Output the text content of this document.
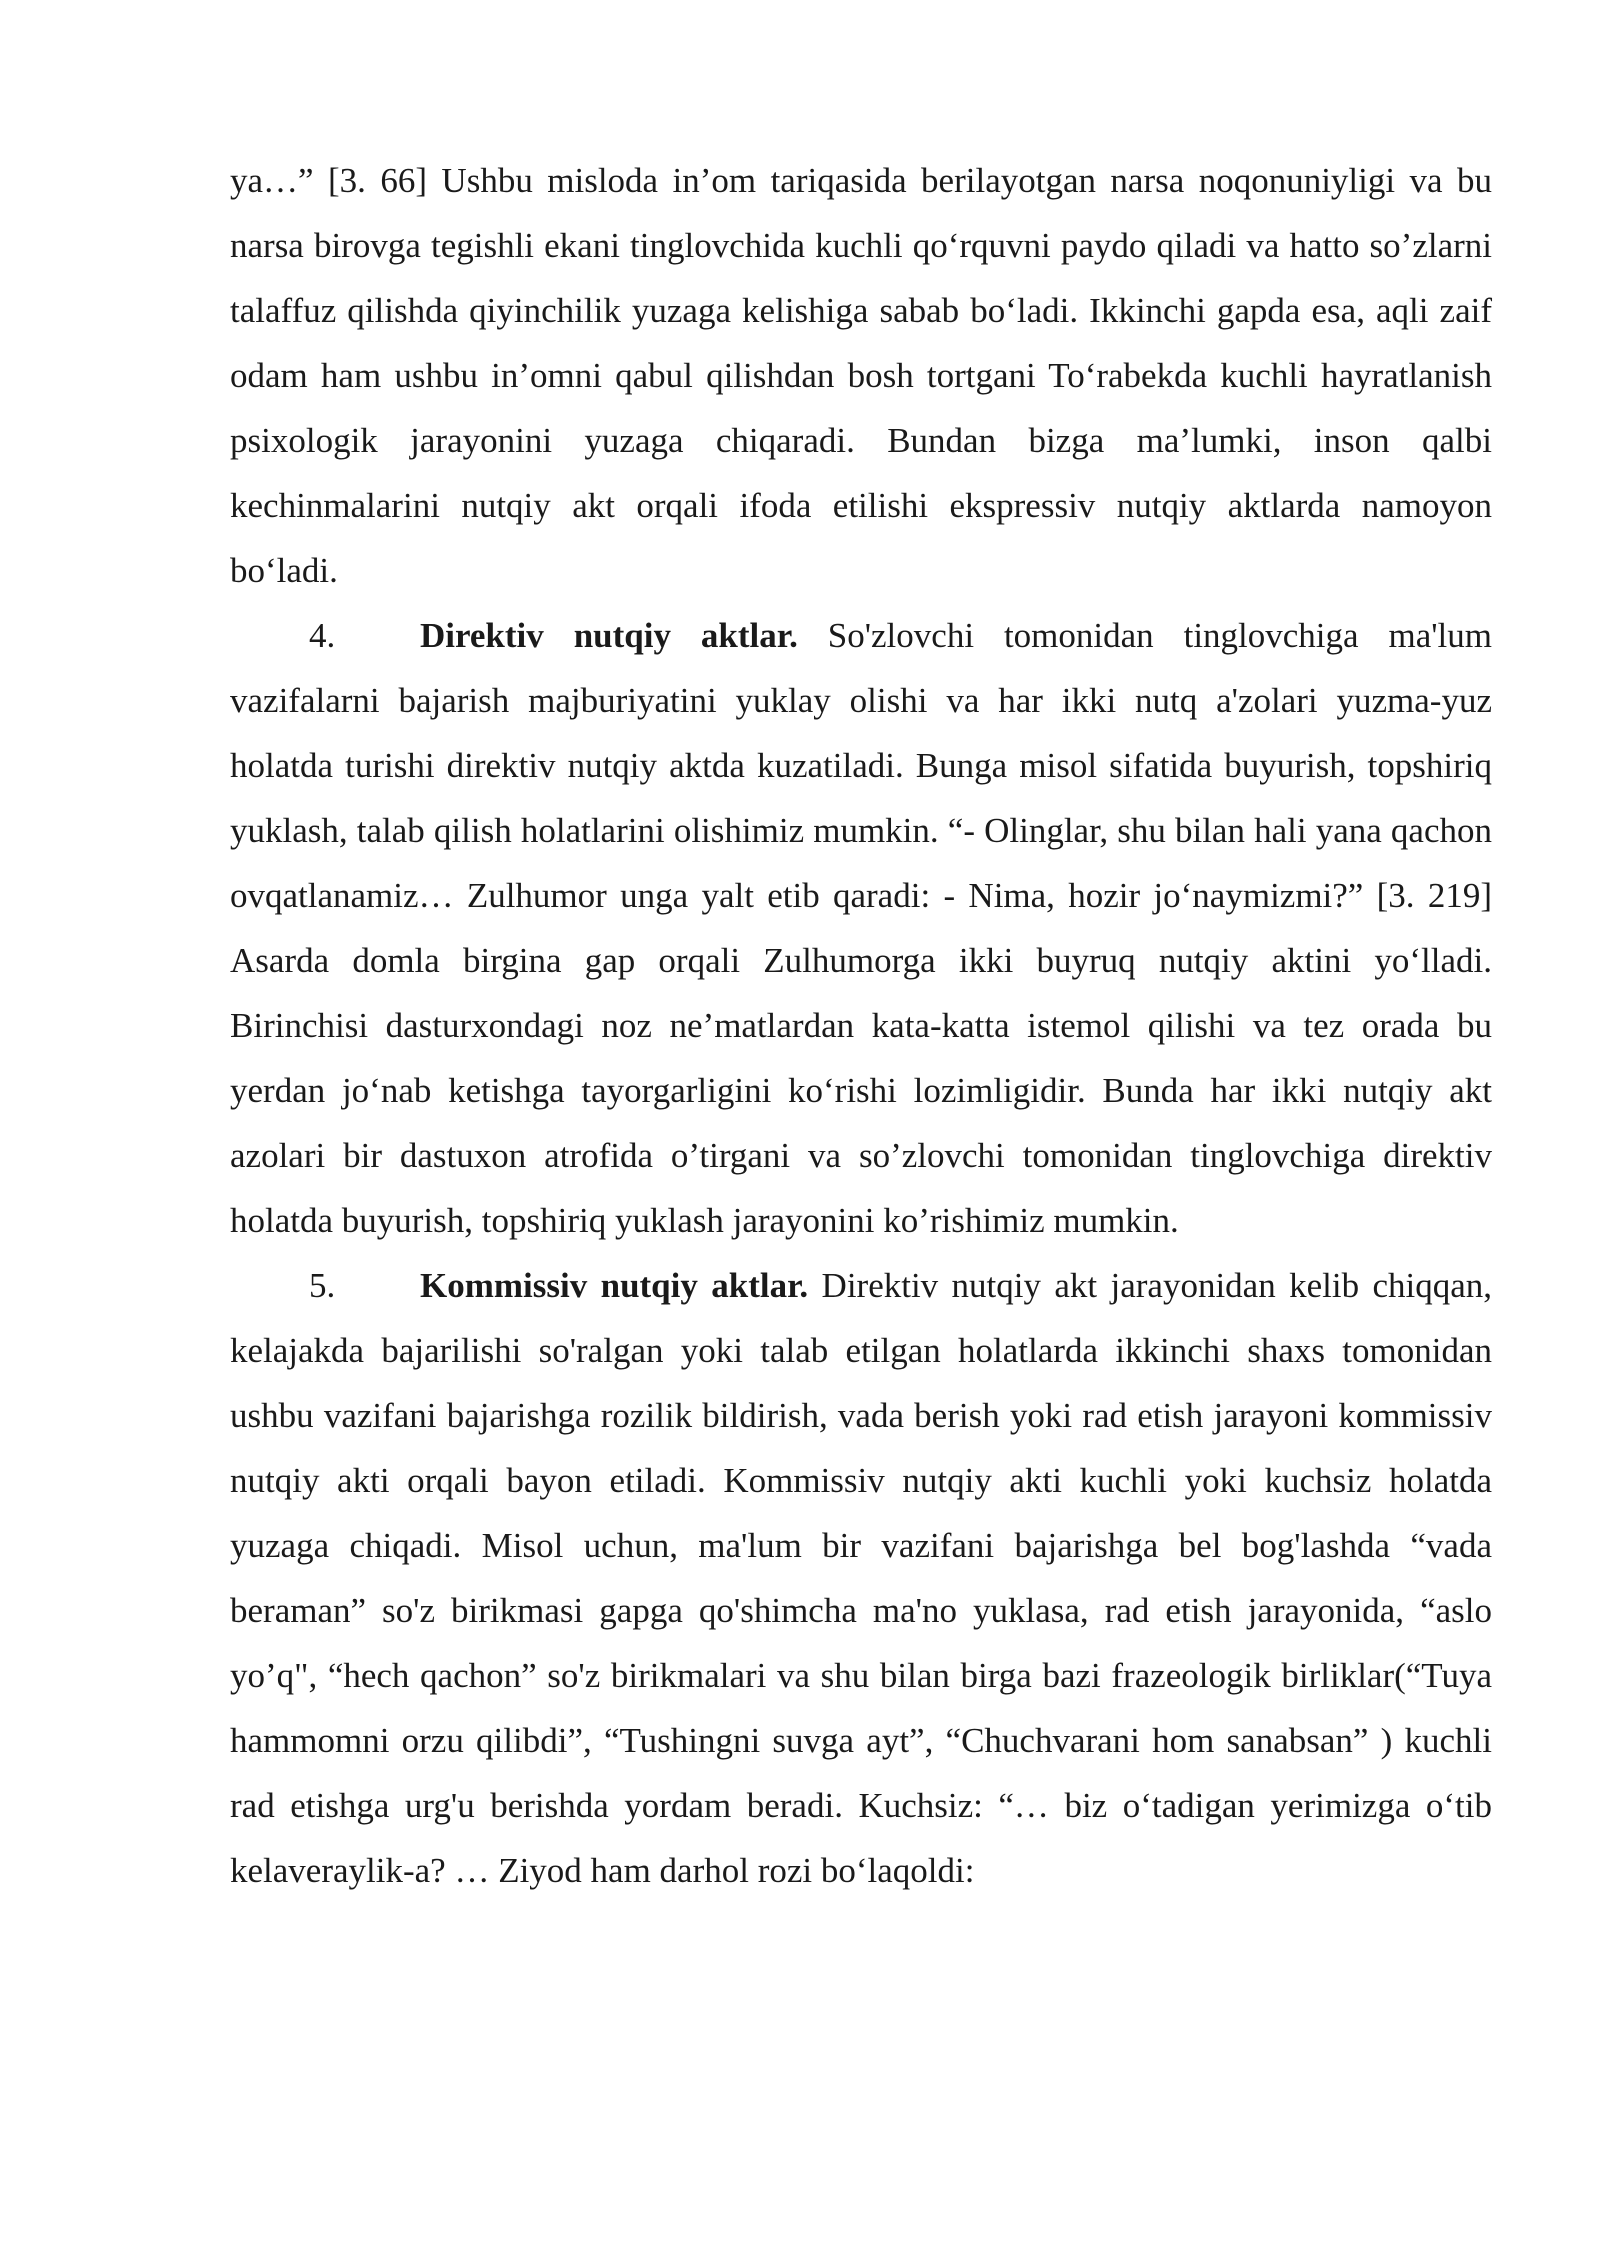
ya…” [3. 66] Ushbu misloda in’om tariqasida berilayotgan narsa noqonuniyligi va bu narsa birovga tegishli ekani tinglovchida kuchli qo‘rquvni paydo qiladi va hatto so’zlarni talaffuz qilishda qiyinchilik yuzaga kelishiga sabab bo‘ladi. Ikkinchi gapda esa, aqli zaif odam ham ushbu in’omni qabul qilishdan bosh tortgani To‘rabekda kuchli hayratlanish psixologik jarayonini yuzaga chiqaradi. Bundan bizga ma’lumki, inson qalbi kechinmalarini nutqiy akt orqali ifoda etilishi ekspressiv nutqiy aktlarda namoyon bo‘ladi.

4. Direktiv nutqiy aktlar. So'zlovchi tomonidan tinglovchiga ma'lum vazifalarni bajarish majburiyatini yuklay olishi va har ikki nutq a'zolari yuzma-yuz holatda turishi direktiv nutqiy aktda kuzatiladi. Bunga misol sifatida buyurish, topshiriq yuklash, talab qilish holatlarini olishimiz mumkin. “- Olinglar, shu bilan hali yana qachon ovqatlanamiz… Zulhumor unga yalt etib qaradi: - Nima, hozir jo‘naymizmi?” [3. 219] Asarda domla birgina gap orqali Zulhumorga ikki buyruq nutqiy aktini yo‘lladi. Birinchisi dasturxondagi noz ne’matlardan kata-katta istemol qilishi va tez orada bu yerdan jo‘nab ketishga tayorgarligini ko‘rishi lozimligidir. Bunda har ikki nutqiy akt azolari bir dastuxon atrofida o’tirgani va so’zlovchi tomonidan tinglovchiga direktiv holatda buyurish, topshiriq yuklash jarayonini ko’rishimiz mumkin.

5. Kommissiv nutqiy aktlar. Direktiv nutqiy akt jarayonidan kelib chiqqan, kelajakda bajarilishi so'ralgan yoki talab etilgan holatlarda ikkinchi shaxs tomonidan ushbu vazifani bajarishga rozilik bildirish, vada berish yoki rad etish jarayoni kommissiv nutqiy akti orqali bayon etiladi. Kommissiv nutqiy akti kuchli yoki kuchsiz holatda yuzaga chiqadi. Misol uchun, ma'lum bir vazifani bajarishga bel bog'lashda “vada beraman” so'z birikmasi gapga qo'shimcha ma'no yuklasa, rad etish jarayonida, “aslo yo’q", “hech qachon” so'z birikmalari va shu bilan birga bazi frazeologik birliklar(“Tuya hammomni orzu qilibdi”, “Tushingni suvga ayt”, “Chuchvarani hom sanabsan” ) kuchli rad etishga urg'u berishda yordam beradi. Kuchsiz: “… biz o‘tadigan yerimizga o‘tib kelaveraylik-a? … Ziyod ham darhol rozi bo‘laqoldi:
